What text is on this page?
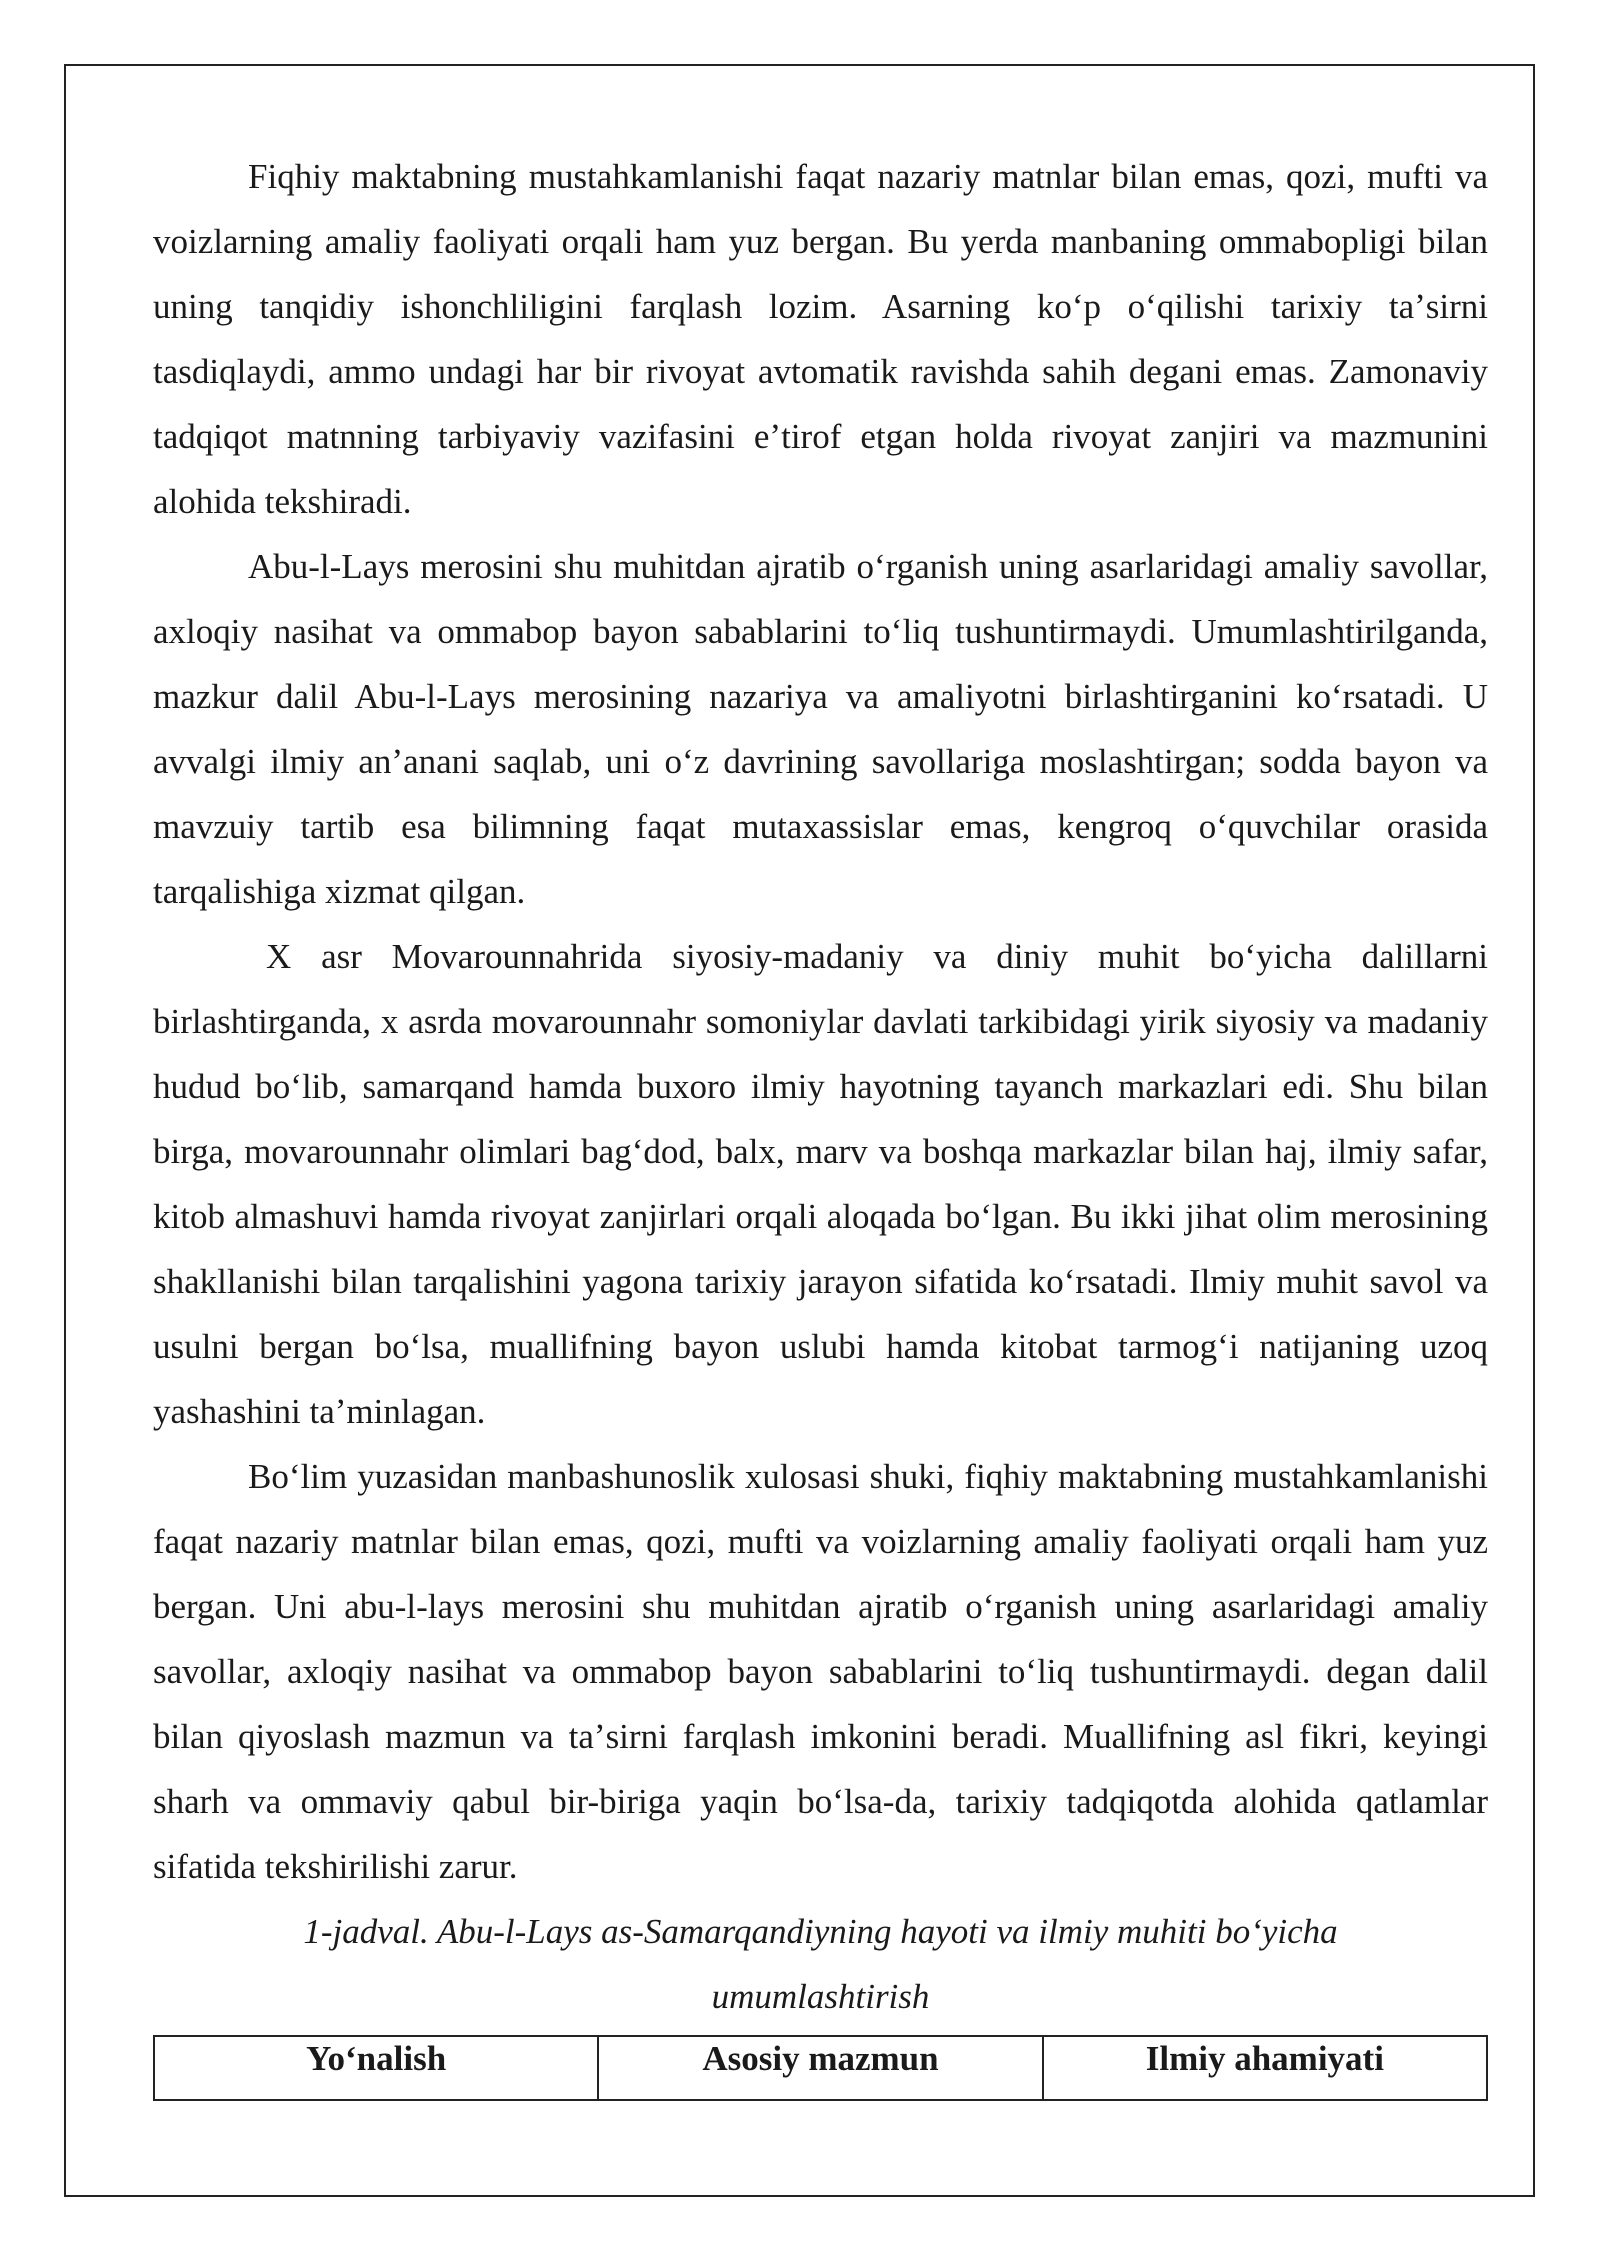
Fiqhiy maktabning mustahkamlanishi faqat nazariy matnlar bilan emas, qozi, mufti va voizlarning amaliy faoliyati orqali ham yuz bergan. Bu yerda manbaning ommabopligi bilan uning tanqidiy ishonchliligini farqlash lozim. Asarning koʻp oʻqilishi tarixiy taʼsirni tasdiqlaydi, ammo undagi har bir rivoyat avtomatik ravishda sahih degani emas. Zamonaviy tadqiqot matnning tarbiyaviy vazifasini eʼtirof etgan holda rivoyat zanjiri va mazmunini alohida tekshiradi.

Abu-l-Lays merosini shu muhitdan ajratib oʻrganish uning asarlaridagi amaliy savollar, axloqiy nasihat va ommabop bayon sabablarini toʻliq tushuntirmaydi. Umumlashtirilganda, mazkur dalil Abu-l-Lays merosining nazariya va amaliyotni birlashtirganini koʻrsatadi. U avvalgi ilmiy anʼanani saqlab, uni oʻz davrining savollariga moslashtirgan; sodda bayon va mavzuiy tartib esa bilimning faqat mutaxassislar emas, kengroq oʻquvchilar orasida tarqalishiga xizmat qilgan.

X asr Movarounnahrida siyosiy-madaniy va diniy muhit boʻyicha dalillarni birlashtirganda, x asrda movarounnahr somoniylar davlati tarkibidagi yirik siyosiy va madaniy hudud boʻlib, samarqand hamda buxoro ilmiy hayotning tayanch markazlari edi. Shu bilan birga, movarounnahr olimlari bagʻdod, balx, marv va boshqa markazlar bilan haj, ilmiy safar, kitob almashuvi hamda rivoyat zanjirlari orqali aloqada boʻlgan. Bu ikki jihat olim merosining shakllanishi bilan tarqalishini yagona tarixiy jarayon sifatida koʻrsatadi. Ilmiy muhit savol va usulni bergan boʻlsa, muallifning bayon uslubi hamda kitobat tarmogʻi natijaning uzoq yashashini taʼminlagan.

Boʻlim yuzasidan manbashunoslik xulosasi shuki, fiqhiy maktabning mustahkamlanishi faqat nazariy matnlar bilan emas, qozi, mufti va voizlarning amaliy faoliyati orqali ham yuz bergan. Uni abu-l-lays merosini shu muhitdan ajratib oʻrganish uning asarlaridagi amaliy savollar, axloqiy nasihat va ommabop bayon sabablarini toʻliq tushuntirmaydi. degan dalil bilan qiyoslash mazmun va taʼsirni farqlash imkonini beradi. Muallifning asl fikri, keyingi sharh va ommaviy qabul bir-biriga yaqin boʻlsa-da, tarixiy tadqiqotda alohida qatlamlar sifatida tekshirilishi zarur.

1-jadval. Abu-l-Lays as-Samarqandiyning hayoti va ilmiy muhiti boʻyicha umumlashtirish

Yoʻnalish	Asosiy mazmun	Ilmiy ahamiyati
